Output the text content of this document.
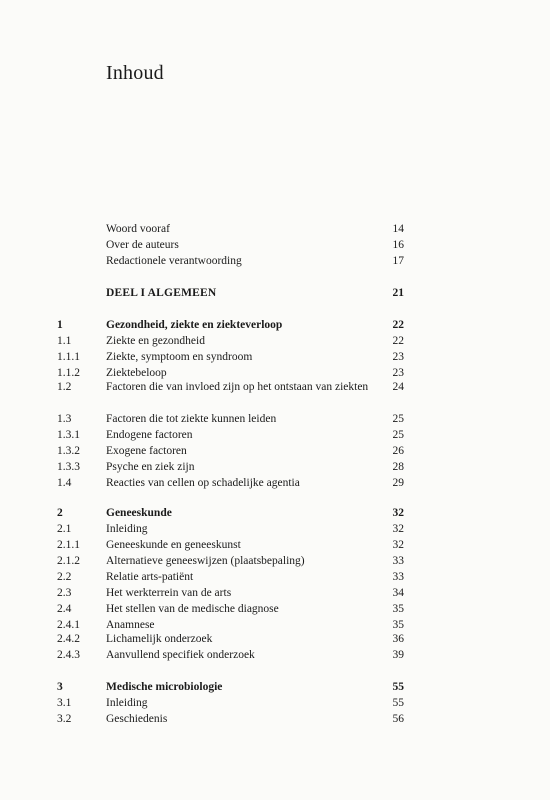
Inhoud
Woord vooraf	14
Over de auteurs	16
Redactionele verantwoording	17
DEEL I ALGEMEEN	21
1	Gezondheid, ziekte en ziekteverloop	22
1.1	Ziekte en gezondheid	22
1.1.1 Ziekte, symptoom en syndroom	23
1.1.2 Ziektebeloop	23
1.2	Factoren die van invloed zijn op het ontstaan van ziekten	24
1.3	Factoren die tot ziekte kunnen leiden	25
1.3.1 Endogene factoren	25
1.3.2 Exogene factoren	26
1.3.3 Psyche en ziek zijn	28
1.4	Reacties van cellen op schadelijke agentia	29
2	Geneeskunde	32
2.1	Inleiding	32
2.1.1 Geneeskunde en geneeskunst	32
2.1.2 Alternatieve geneeswijzen (plaatsbepaling)	33
2.2	Relatie arts-patiënt	33
2.3	Het werkterrein van de arts	34
2.4	Het stellen van de medische diagnose	35
2.4.1 Anamnese	35
2.4.2 Lichamelijk onderzoek	36
2.4.3 Aanvullend specifiek onderzoek	39
3	Medische microbiologie	55
3.1	Inleiding	55
3.2	Geschiedenis	56
